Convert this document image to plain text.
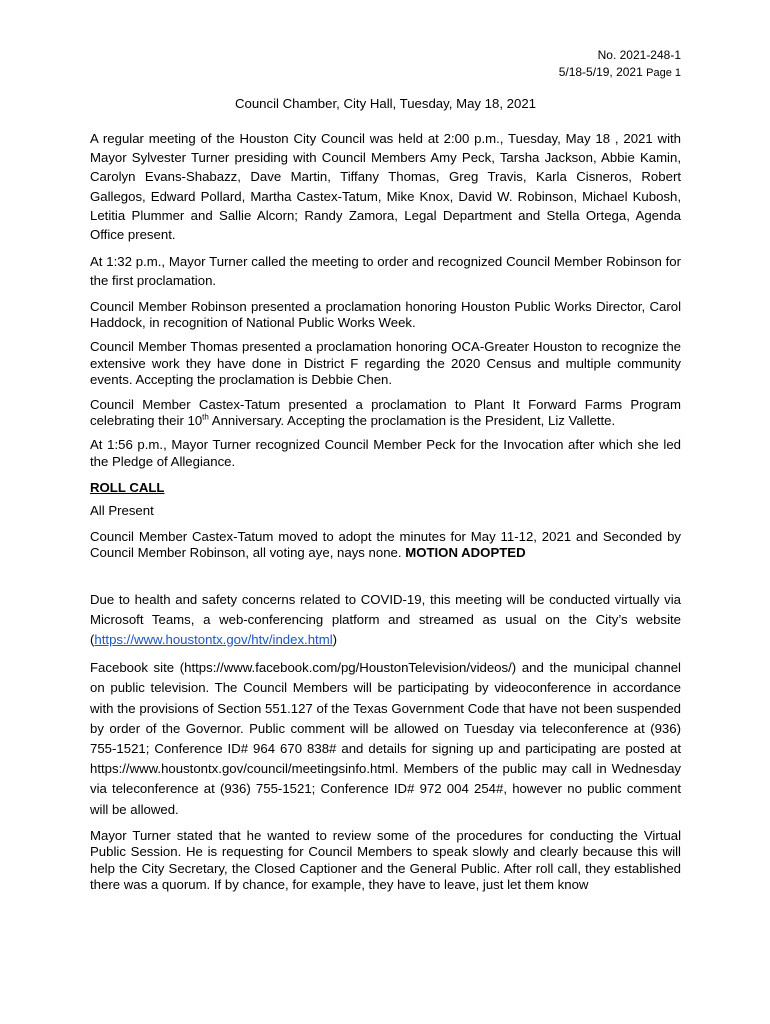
No. 2021-248-1
5/18-5/19, 2021 Page 1
Council Chamber, City Hall, Tuesday, May 18, 2021

A regular meeting of the Houston City Council was held at 2:00 p.m., Tuesday, May 18 , 2021 with Mayor Sylvester Turner presiding with Council Members Amy Peck, Tarsha Jackson, Abbie Kamin, Carolyn Evans-Shabazz, Dave Martin, Tiffany Thomas, Greg Travis, Karla Cisneros, Robert Gallegos, Edward Pollard, Martha Castex-Tatum, Mike Knox, David W. Robinson, Michael Kubosh, Letitia Plummer and Sallie Alcorn; Randy Zamora, Legal Department and Stella Ortega, Agenda Office present.

At 1:32 p.m., Mayor Turner called the meeting to order and recognized Council Member Robinson for the first proclamation.

Council Member Robinson presented a proclamation honoring Houston Public Works Director, Carol Haddock, in recognition of National Public Works Week.

Council Member Thomas presented a proclamation honoring OCA-Greater Houston to recognize the extensive work they have done in District F regarding the 2020 Census and multiple community events. Accepting the proclamation is Debbie Chen.

Council Member Castex-Tatum presented a proclamation to Plant It Forward Farms Program celebrating their 10th Anniversary. Accepting the proclamation is the President, Liz Vallette.

At 1:56 p.m., Mayor Turner recognized Council Member Peck for the Invocation after which she led the Pledge of Allegiance.

ROLL CALL

All Present

Council Member Castex-Tatum moved to adopt the minutes for May 11-12, 2021 and Seconded by Council Member Robinson, all voting aye, nays none. MOTION ADOPTED

Due to health and safety concerns related to COVID-19, this meeting will be conducted virtually via Microsoft Teams, a web-conferencing platform and streamed as usual on the City’s website (https://www.houstontx.gov/htv/index.html)

Facebook site (https://www.facebook.com/pg/HoustonTelevision/videos/) and the municipal channel on public television. The Council Members will be participating by videoconference in accordance with the provisions of Section 551.127 of the Texas Government Code that have not been suspended by order of the Governor. Public comment will be allowed on Tuesday via teleconference at (936) 755-1521; Conference ID# 964 670 838# and details for signing up and participating are posted at https://www.houstontx.gov/council/meetingsinfo.html. Members of the public may call in Wednesday via teleconference at (936) 755-1521; Conference ID# 972 004 254#, however no public comment will be allowed.

Mayor Turner stated that he wanted to review some of the procedures for conducting the Virtual Public Session. He is requesting for Council Members to speak slowly and clearly because this will help the City Secretary, the Closed Captioner and the General Public. After roll call, they established there was a quorum. If by chance, for example, they have to leave, just let them know
